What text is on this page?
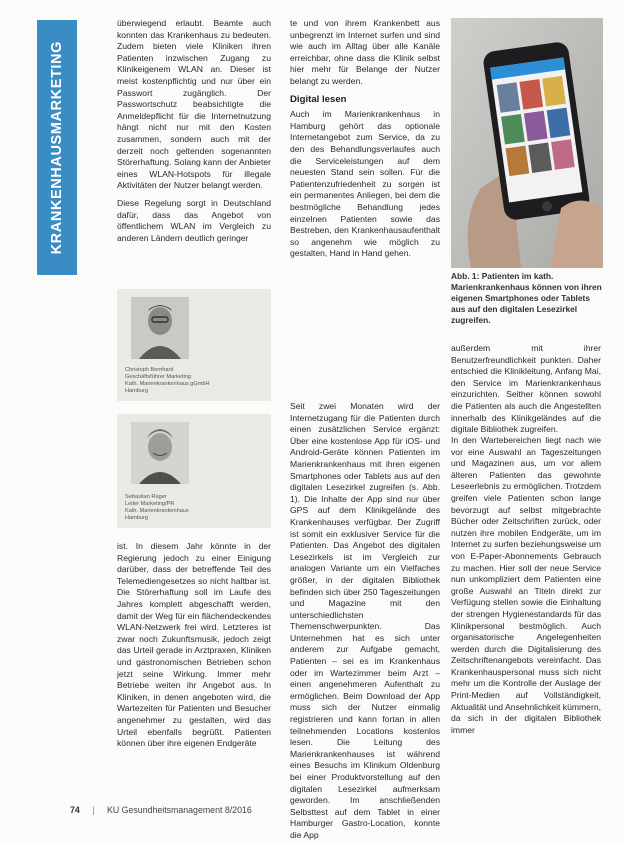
KRANKENHAUSMARKETING

überwiegend erlaubt. Beamte auch konnten das Krankenhaus zu bedeuten. Zudem bieten viele Kliniken ihren Patienten inzwischen Zugang zu Klinikeigenem WLAN an. Dieser ist meist kostenpflichtig und nur über ein Passwort zugänglich. Der Passwortschutz beabsichtigte die Anmeldepflicht für die Internetnutzung hängt nicht nur mit den Kosten zusammen, sondern auch mit der derzeit noch geltenden sogenannten Störerhaftung. Solang kann der Anbieter eines WLAN-Hotspots für illegale Aktivitäten der Nutzer belangt werden.

Diese Regelung sorgt in Deutschland dafür, dass das Angebot von öffentlichem WLAN im Vergleich zu anderen Ländern deutlich geringer

Christoph Bernhard
Geschäftsführer Marketing
Kath. Marienkrankenhaus gGmbH
Hamburg
Sebastian Rüger
Leiter Marketing/PR
Kath. Marienkrankenhaus
Hamburg

ist. In diesem Jahr könnte in der Regierung jedoch zu einer Einigung darüber, dass der betreffende Teil des Telemediengesetzes so nicht haltbar ist. Die Störerhaftung soll im Laufe des Jahres komplett abgeschafft werden, damit der Weg für ein flächendeckendes WLAN-Netzwerk frei wird. Letzteres ist zwar noch Zukunftsmusik, jedoch zeigt das Urteil gerade in Arztpraxen, Kliniken und gastronomischen Betrieben schon jetzt seine Wirkung. Immer mehr Betriebe weiten ihr Angebot aus. In Kliniken, in denen angeboten wird, die Wartezeiten für Patienten und Besucher angenehmer zu gestalten, wird das Urteil ebenfalls begrüßt. Patienten können über ihre eigenen Endgeräte

te und von ihrem Krankenbett aus unbegrenzt im Internet surfen und sind wie auch im Alltag über alle Kanäle erreichbar, ohne dass die Klinik selbst hier mehr für Belange der Nutzer belangt zu werden.

Digital lesen

Auch im Marienkrankenhaus in Hamburg gehört das optionale Internetangebot zum Service, da zu den des Behandlungsverlaufes auch die Serviceleistungen auf dem neuesten Stand sein sollen. Für die Patientenzufriedenheit zu sorgen ist ein permanentes Anliegen, bei dem die bestmögliche Behandlung jedes einzelnen Patienten sowie das Bestreben, den Krankenhausaufenthalt so angenehm wie möglich zu gestalten, Hand in Hand gehen.

Seit zwei Monaten wird der Internetzugang für die Patienten durch einen zusätzlichen Service ergänzt: Über eine kostenlose App für iOS- und Android-Geräte können Patienten im Marienkrankenhaus mit ihren eigenen Smartphones oder Tablets aus auf den digitalen Lesezirkel zugreifen (s. Abb. 1). Die Inhalte der App sind nur über GPS auf dem Klinikgelände des Krankenhauses verfügbar. Der Zugriff ist somit ein exklusiver Service für die Patienten. Das Angebot des digitalen Lesezirkels ist im Vergleich zur analogen Variante um ein Vielfaches größer, in der digitalen Bibliothek befinden sich über 250 Tageszeitungen und Magazine mit den unterschiedlichsten Themenschwerpunkten. Das Unternehmen hat es sich unter anderem zur Aufgabe gemacht, Patienten – sei es im Krankenhaus oder im Wartezimmer beim Arzt – einen angenehmeren Aufenthalt zu ermöglichen. Beim Download der App muss sich der Nutzer einmalig registrieren und kann fortan in allen teilnehmenden Locations kostenlos lesen. Die Leitung des Marienkrankenhauses ist während eines Besuchs im Klinikum Oldenburg bei einer Produktvorstellung auf den digitalen Lesezirkel aufmerksam geworden. Im anschließenden Selbsttest auf dem Tablet in einer Hamburger Gastro-Location, konnte die App

Abb. 1: Patienten im kath. Marienkrankenhaus können von ihren eigenen Smartphones oder Tablets aus auf den digitalen Lesezirkel zugreifen.

außerdem mit ihrer Benutzerfreundlichkeit punkten. Daher entschied die Klinikleitung, Anfang Mai, den Service im Marienkrankenhaus einzurichten. Seither können sowohl die Patienten als auch die Angestellten innerhalb des Klinikgeländes auf die digitale Bibliothek zugreifen.

In den Wartebereichen liegt nach wie vor eine Auswahl an Tageszeitungen und Magazinen aus, um vor allem älteren Patienten das gewohnte Leseerlebnis zu ermöglichen. Trotzdem greifen viele Patienten schon lange bevorzugt auf selbst mitgebrachte Bücher oder Zeitschriften zurück, oder nutzen ihre mobilen Endgeräte, um im Internet zu surfen beziehungsweise um von E-Paper-Abonnements Gebrauch zu machen. Hier soll der neue Service nun unkompliziert dem Patienten eine große Auswahl an Titeln direkt zur Verfügung stellen sowie die Einhaltung der strengen Hygienestandards für das Klinikpersonal bestmöglich. Auch organisatorische Angelegenheiten werden durch die Digitalisierung des Zeitschriftenangebots vereinfacht. Das Krankenhauspersonal muss sich nicht mehr um die Kontrolle der Auslage der Print-Medien auf Vollständigkeit, Aktualität und Ansehnlichkeit kümmern, da sich in der digitalen Bibliothek immer

74 | KU Gesundheitsmanagement 8/2016
